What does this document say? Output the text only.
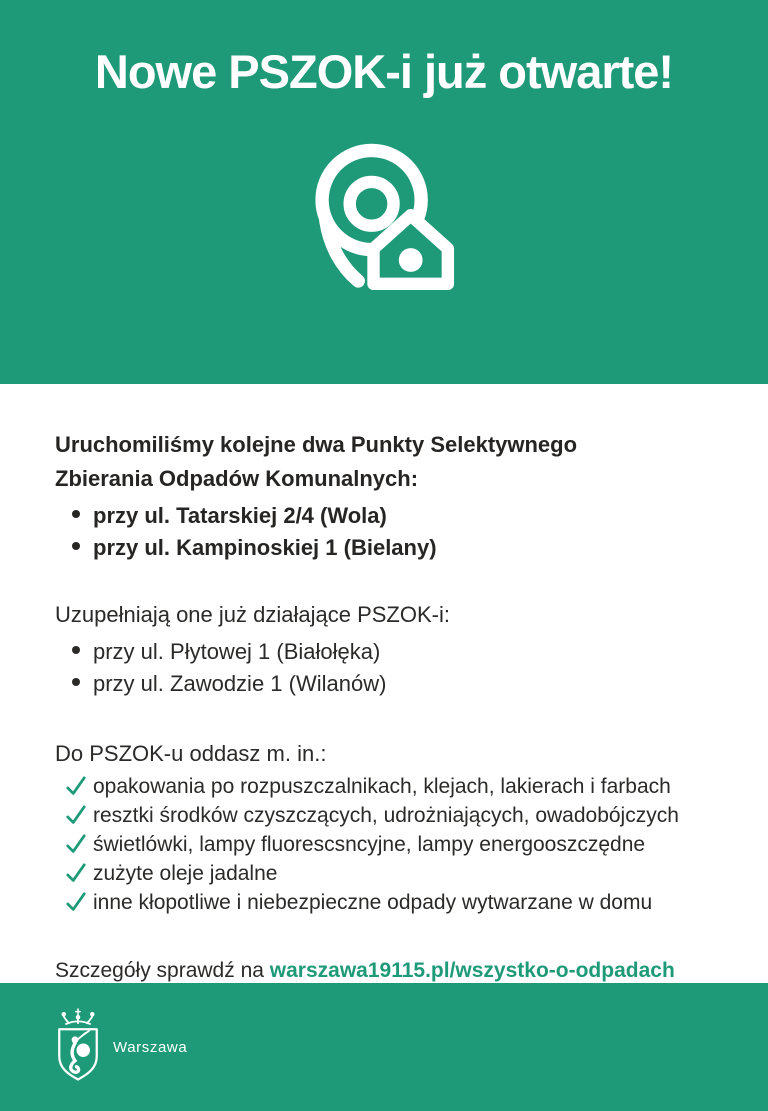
Nowe PSZOK-i już otwarte!
Uruchomiliśmy kolejne dwa Punkty Selektywnego
Zbierania Odpadów Komunalnych:
przy ul. Tatarskiej 2/4 (Wola)
przy ul. Kampinoskiej 1 (Bielany)
Uzupełniają one już działające PSZOK-i:
przy ul. Płytowej 1 (Białołęka)
przy ul. Zawodzie 1 (Wilanów)
Do PSZOK-u oddasz m. in.:
opakowania po rozpuszczalnikach, klejach, lakierach i farbach
resztki środków czyszczących, udrożniających, owadobójczych
świetlówki, lampy fluorescsncyjne, lampy energooszczędne
zużyte oleje jadalne
inne kłopotliwe i niebezpieczne odpady wytwarzane w domu
Szczegóły sprawdź na warszawa19115.pl/wszystko-o-odpadach
Warszawa
